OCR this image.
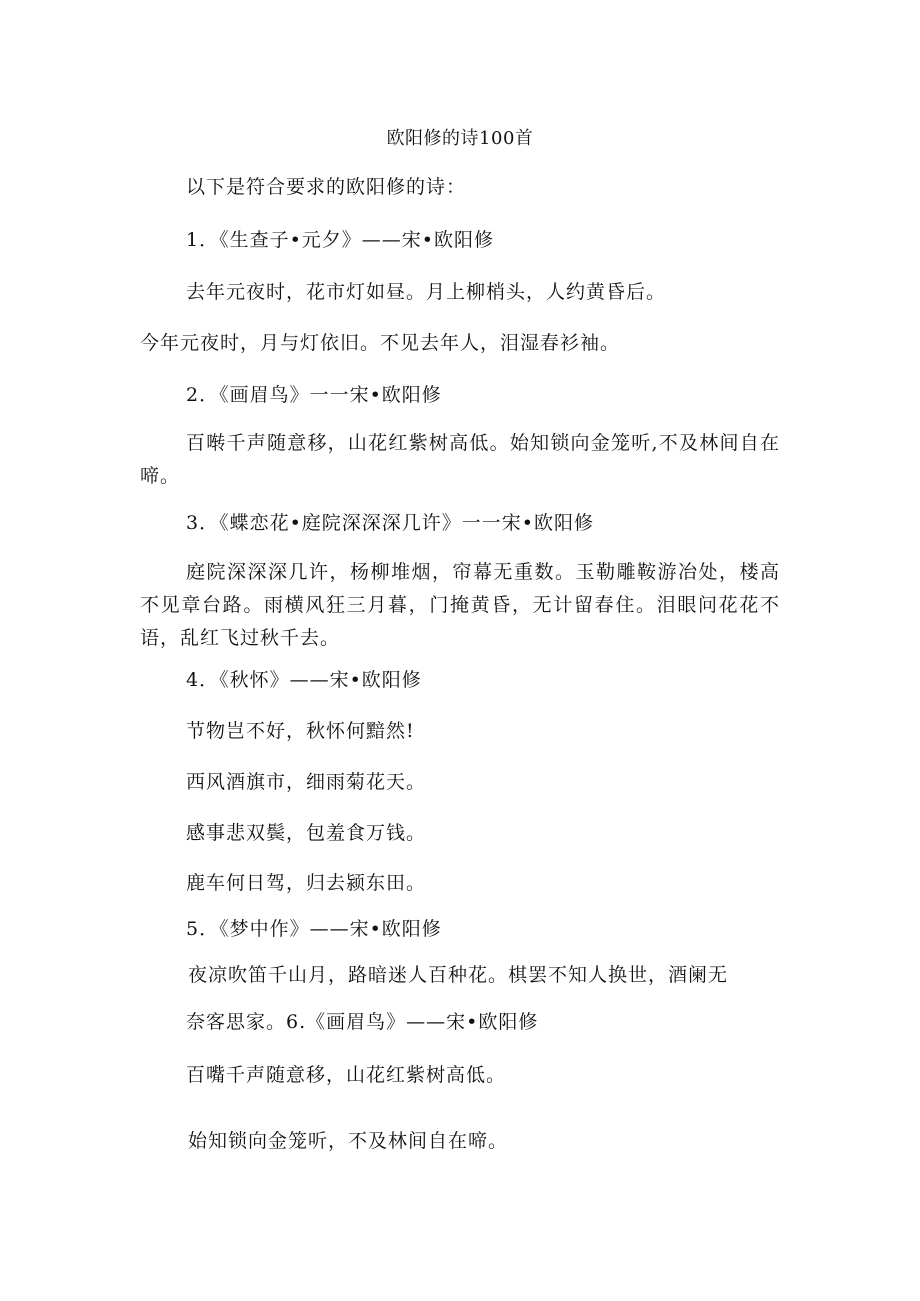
欧阳修的诗100首
以下是符合要求的欧阳修的诗：
1．《生查子•元夕》——宋•欧阳修
去年元夜时，花市灯如昼。月上柳梢头，人约黄昏后。
今年元夜时，月与灯依旧。不见去年人，泪湿春衫袖。
2．《画眉鸟》一一宋•欧阳修
百啭千声随意移，山花红紫树高低。始知锁向金笼听,不及林间自在啼。
3．《蝶恋花•庭院深深深几许》一一宋•欧阳修
庭院深深深几许，杨柳堆烟，帘幕无重数。玉勒雕鞍游冶处，楼高不见章台路。雨横风狂三月暮，门掩黄昏，无计留春住。泪眼问花花不语，乱红飞过秋千去。
4．《秋怀》——宋•欧阳修
节物岂不好，秋怀何黯然!
西风酒旗市，细雨菊花天。
感事悲双鬓，包羞食万钱。
鹿车何日驾，归去颍东田。
5．《梦中作》——宋•欧阳修
夜凉吹笛千山月，路暗迷人百种花。棋罢不知人换世，酒阑无
奈客思家。6.《画眉鸟》——宋•欧阳修
百嘴千声随意移，山花红紫树高低。
始知锁向金笼听，不及林间自在啼。
